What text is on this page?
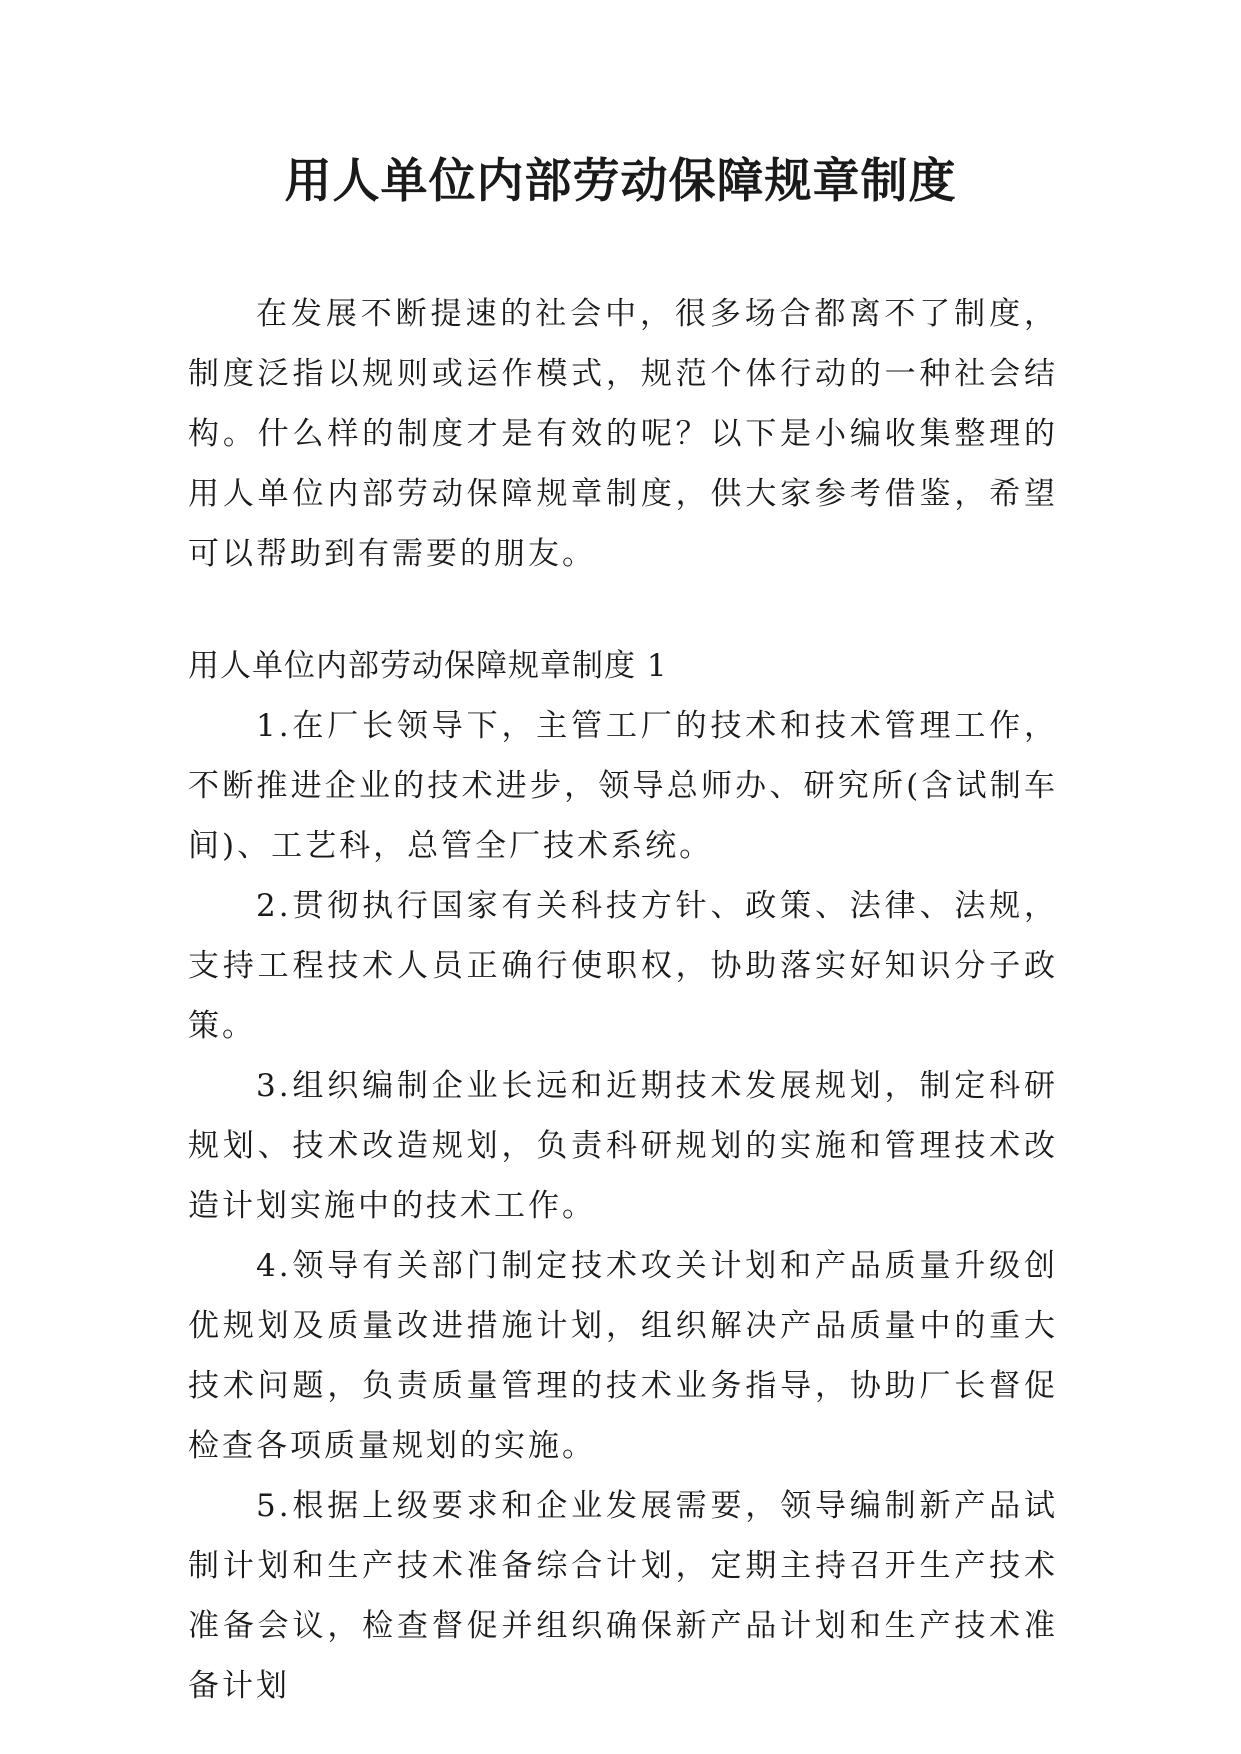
用人单位内部劳动保障规章制度

在发展不断提速的社会中，很多场合都离不了制度，制度泛指以规则或运作模式，规范个体行动的一种社会结构。什么样的制度才是有效的呢？以下是小编收集整理的用人单位内部劳动保障规章制度，供大家参考借鉴，希望可以帮助到有需要的朋友。

用人单位内部劳动保障规章制度 1

1.在厂长领导下，主管工厂的技术和技术管理工作，不断推进企业的技术进步，领导总师办、研究所(含试制车间)、工艺科，总管全厂技术系统。
2.贯彻执行国家有关科技方针、政策、法律、法规，支持工程技术人员正确行使职权，协助落实好知识分子政策。
3.组织编制企业长远和近期技术发展规划，制定科研规划、技术改造规划，负责科研规划的实施和管理技术改造计划实施中的技术工作。
4.领导有关部门制定技术攻关计划和产品质量升级创优规划及质量改进措施计划，组织解决产品质量中的重大技术问题，负责质量管理的技术业务指导，协助厂长督促检查各项质量规划的实施。
5.根据上级要求和企业发展需要，领导编制新产品试制计划和生产技术准备综合计划，定期主持召开生产技术准备会议，检查督促并组织确保新产品计划和生产技术准备计划
